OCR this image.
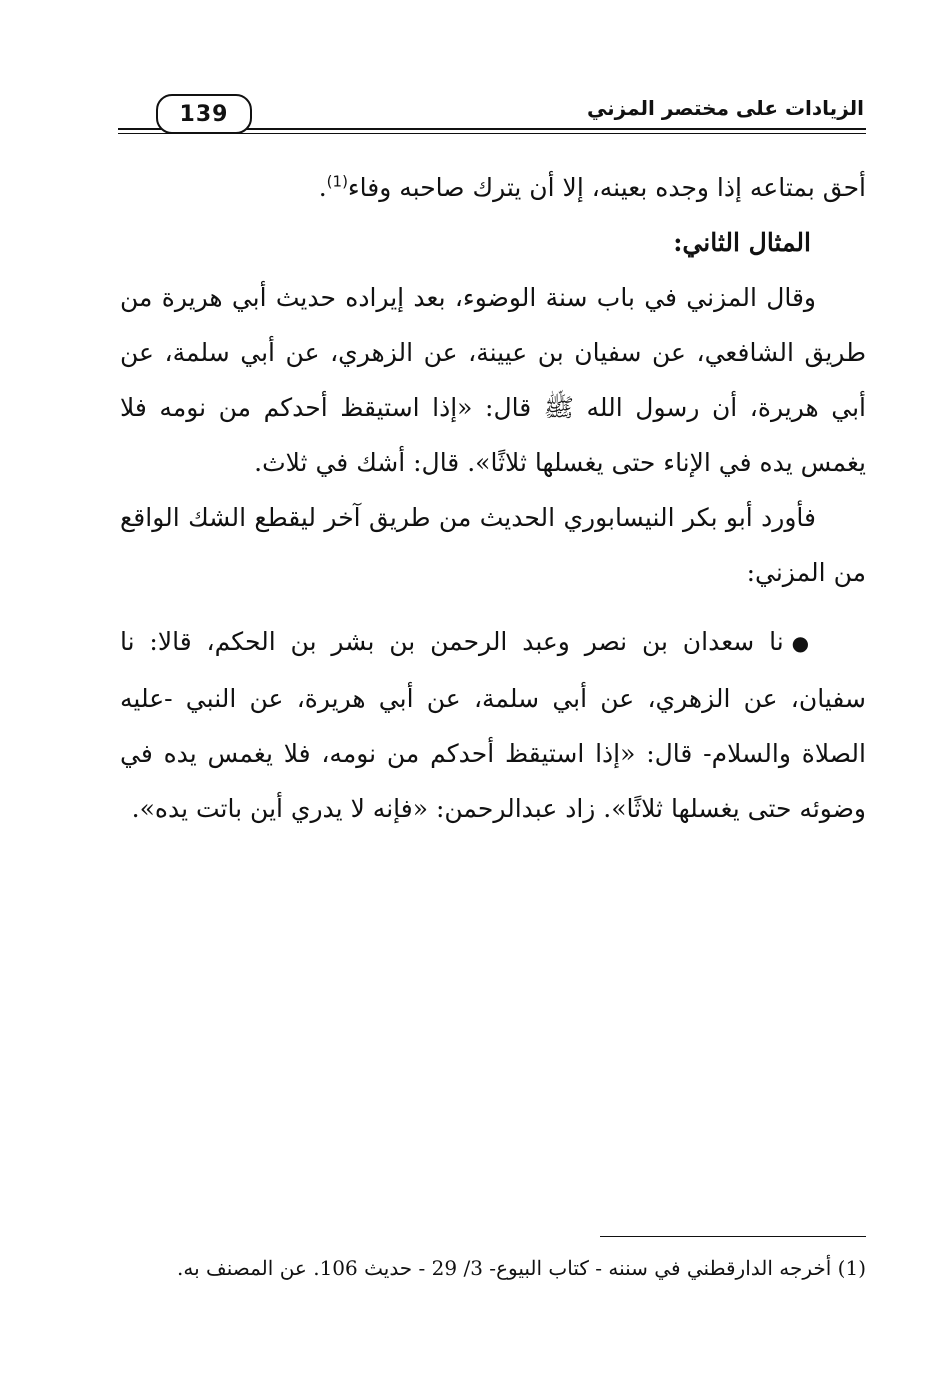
139	الزيادات على مختصر المزني

أحق بمتاعه إذا وجده بعينه، إلا أن يترك صاحبه وفاء$^{(1)}$.

المثال الثاني:

وقال المزني في باب سنة الوضوء، بعد إيراده حديث أبي هريرة من طريق الشافعي، عن سفيان بن عيينة، عن الزهري، عن أبي سلمة، عن أبي هريرة، أن رسول الله ﷺ قال: «إذا استيقظ أحدكم من نومه فلا يغمس يده في الإناء حتى يغسلها ثلاثًا». قال: أشك في ثلاث.

فأورد أبو بكر النيسابوري الحديث من طريق آخر ليقطع الشك الواقع من المزني:

●نا سعدان بن نصر وعبد الرحمن بن بشر بن الحكم، قالا: نا سفيان، عن الزهري، عن أبي سلمة، عن أبي هريرة، عن النبي -عليه الصلاة والسلام- قال: «إذا استيقظ أحدكم من نومه، فلا يغمس يده في وضوئه حتى يغسلها ثلاثًا». زاد عبدالرحمن: «فإنه لا يدري أين باتت يده».

(1) أخرجه الدارقطني في سننه - كتاب البيوع- 3/ 29 - حديث 106. عن المصنف به.
